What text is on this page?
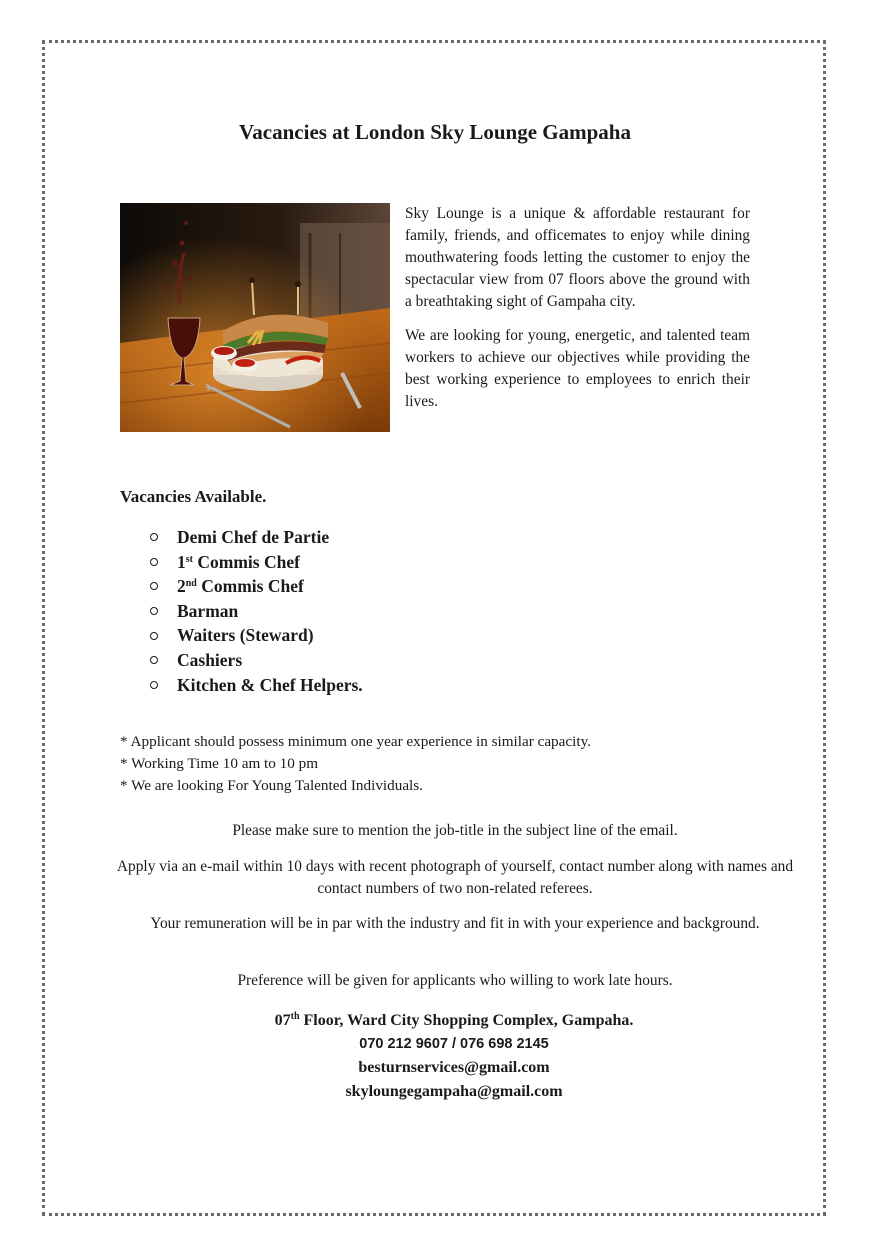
Vacancies at London Sky Lounge Gampaha

Sky Lounge is a unique & affordable restaurant for family, friends, and officemates to enjoy while dining mouthwatering foods letting the customer to enjoy the spectacular view from 07 floors above the ground with a breathtaking sight of Gampaha city.

We are looking for young, energetic, and talented team workers to achieve our objectives while providing the best working experience to employees to enrich their lives.

Vacancies Available.
Demi Chef de Partie
1st Commis Chef
2nd Commis Chef
Barman
Waiters (Steward)
Cashiers
Kitchen & Chef Helpers.
* Applicant should possess minimum one year experience in similar capacity.
* Working Time 10 am to 10 pm
* We are looking For Young Talented Individuals.

Please make sure to mention the job-title in the subject line of the email.

Apply via an e-mail within 10 days with recent photograph of yourself, contact number along with names and contact numbers of two non-related referees.

Your remuneration will be in par with the industry and fit in with your experience and background.

Preference will be given for applicants who willing to work late hours.

07th Floor, Ward City Shopping Complex, Gampaha.
070 212 9607 / 076 698 2145
besturnservices@gmail.com
skyloungegampaha@gmail.com
